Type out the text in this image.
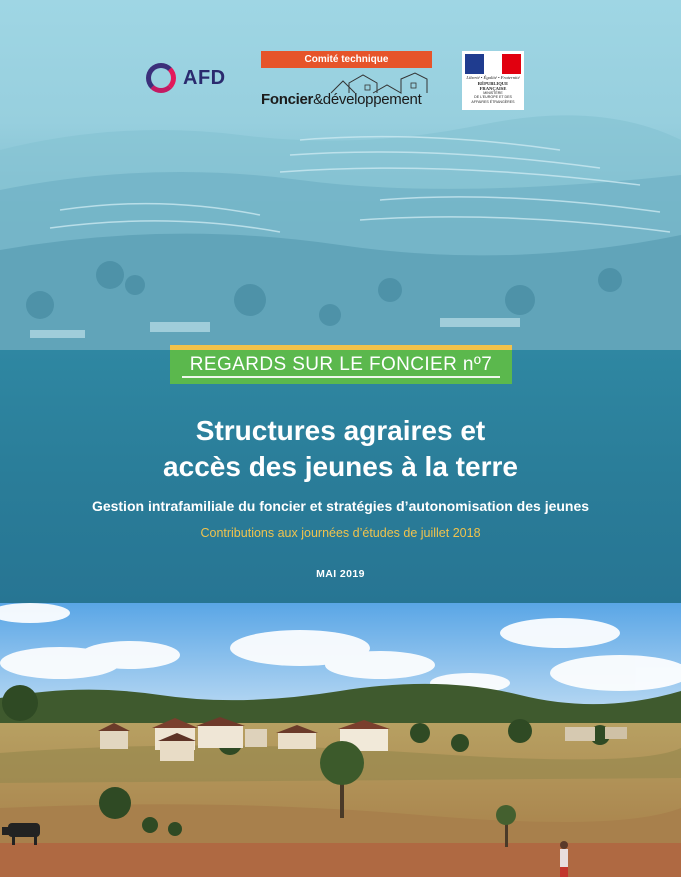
AFD
Comité technique
Foncier&développement
Liberté • Égalité • Fraternité
RÉPUBLIQUE FRANÇAISE
MINISTÈRE
DE L'EUROPE ET DES
AFFAIRES ÉTRANGÈRES
REGARDS SUR LE FONCIER nº7
Structures agraires et
accès des jeunes à la terre
Gestion intrafamiliale du foncier et stratégies d’autonomisation des jeunes
Contributions aux journées d’études de juillet 2018
MAI 2019
